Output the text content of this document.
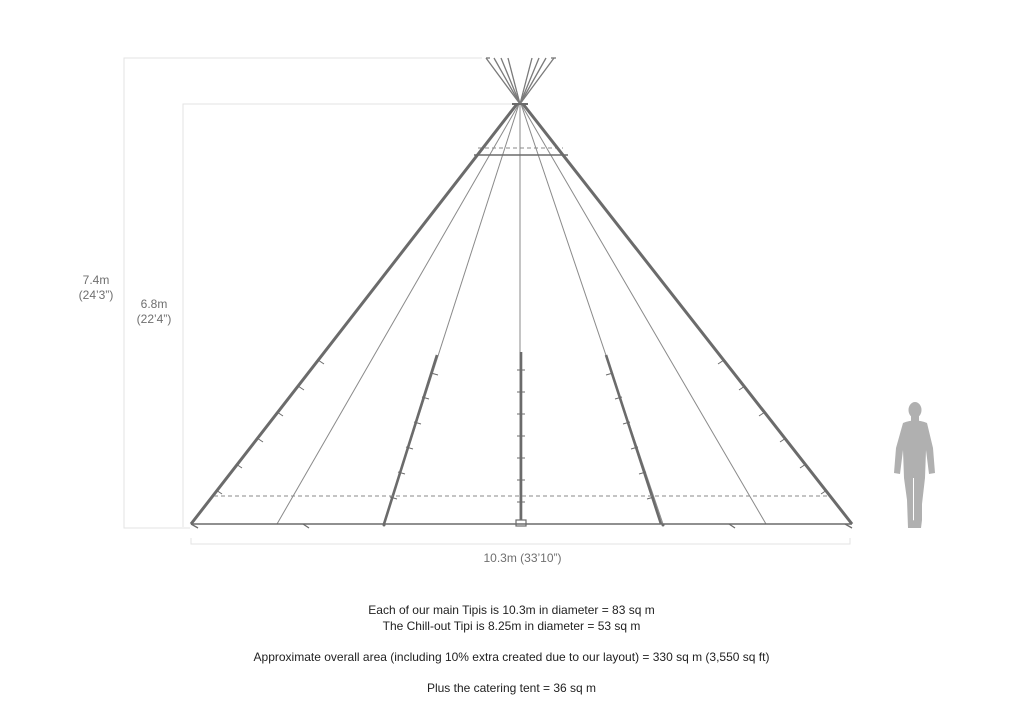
7.4m
(24’3”)
6.8m
(22’4”)
10.3m (33’10”)

Each of our main Tipis is 10.3m in diameter = 83 sq m

The Chill-out Tipi is 8.25m in diameter = 53 sq m

Approximate overall area (including 10% extra created due to our layout) = 330 sq m (3,550 sq ft)

Plus the catering tent = 36 sq m
